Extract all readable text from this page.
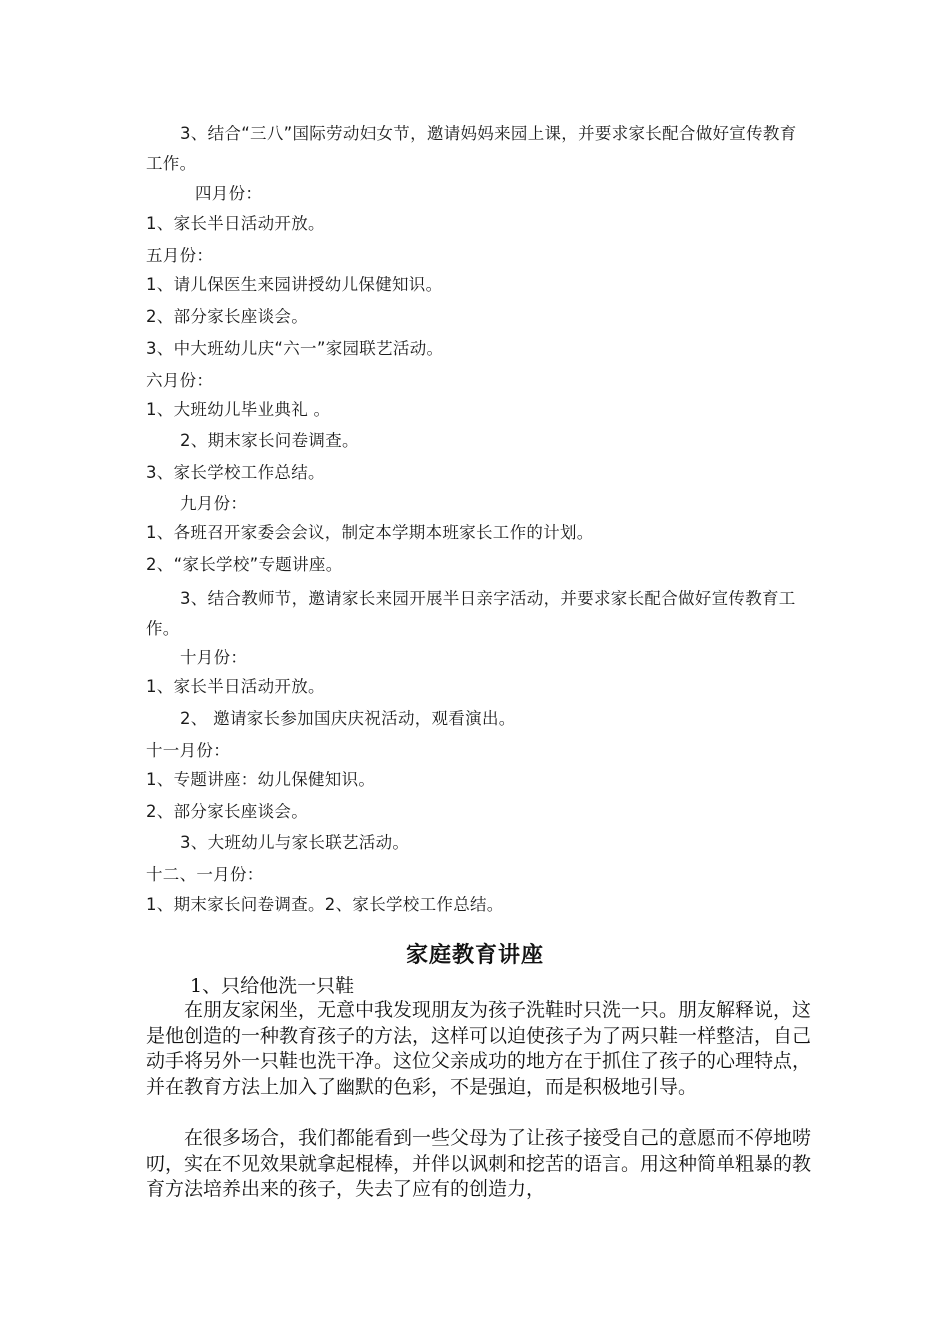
3、结合“三八”国际劳动妇女节，邀请妈妈来园上课，并要求家长配合做好宣传教育工作。

四月份：
1、家长半日活动开放。
五月份：
1、请儿保医生来园讲授幼儿保健知识。
2、部分家长座谈会。
3、中大班幼儿庆“六一”家园联艺活动。
六月份：
1、大班幼儿毕业典礼 。
2、期末家长问卷调查。
3、家长学校工作总结。
九月份：
1、各班召开家委会会议，制定本学期本班家长工作的计划。
2、“家长学校”专题讲座。

3、结合教师节，邀请家长来园开展半日亲字活动，并要求家长配合做好宣传教育工作。

十月份：
1、家长半日活动开放。
2、 邀请家长参加国庆庆祝活动，观看演出。
十一月份：
1、专题讲座：幼儿保健知识。
2、部分家长座谈会。
3、大班幼儿与家长联艺活动。
十二、一月份：
1、期末家长问卷调查。2、家长学校工作总结。
家庭教育讲座
1、只给他洗一只鞋

在朋友家闲坐，无意中我发现朋友为孩子洗鞋时只洗一只。朋友解释说，这是他创造的一种教育孩子的方法，这样可以迫使孩子为了两只鞋一样整洁，自己动手将另外一只鞋也洗干净。这位父亲成功的地方在于抓住了孩子的心理特点，并在教育方法上加入了幽默的色彩，不是强迫，而是积极地引导。

在很多场合，我们都能看到一些父母为了让孩子接受自己的意愿而不停地唠叨，实在不见效果就拿起棍棒，并伴以讽刺和挖苦的语言。用这种简单粗暴的教育方法培养出来的孩子，失去了应有的创造力，
